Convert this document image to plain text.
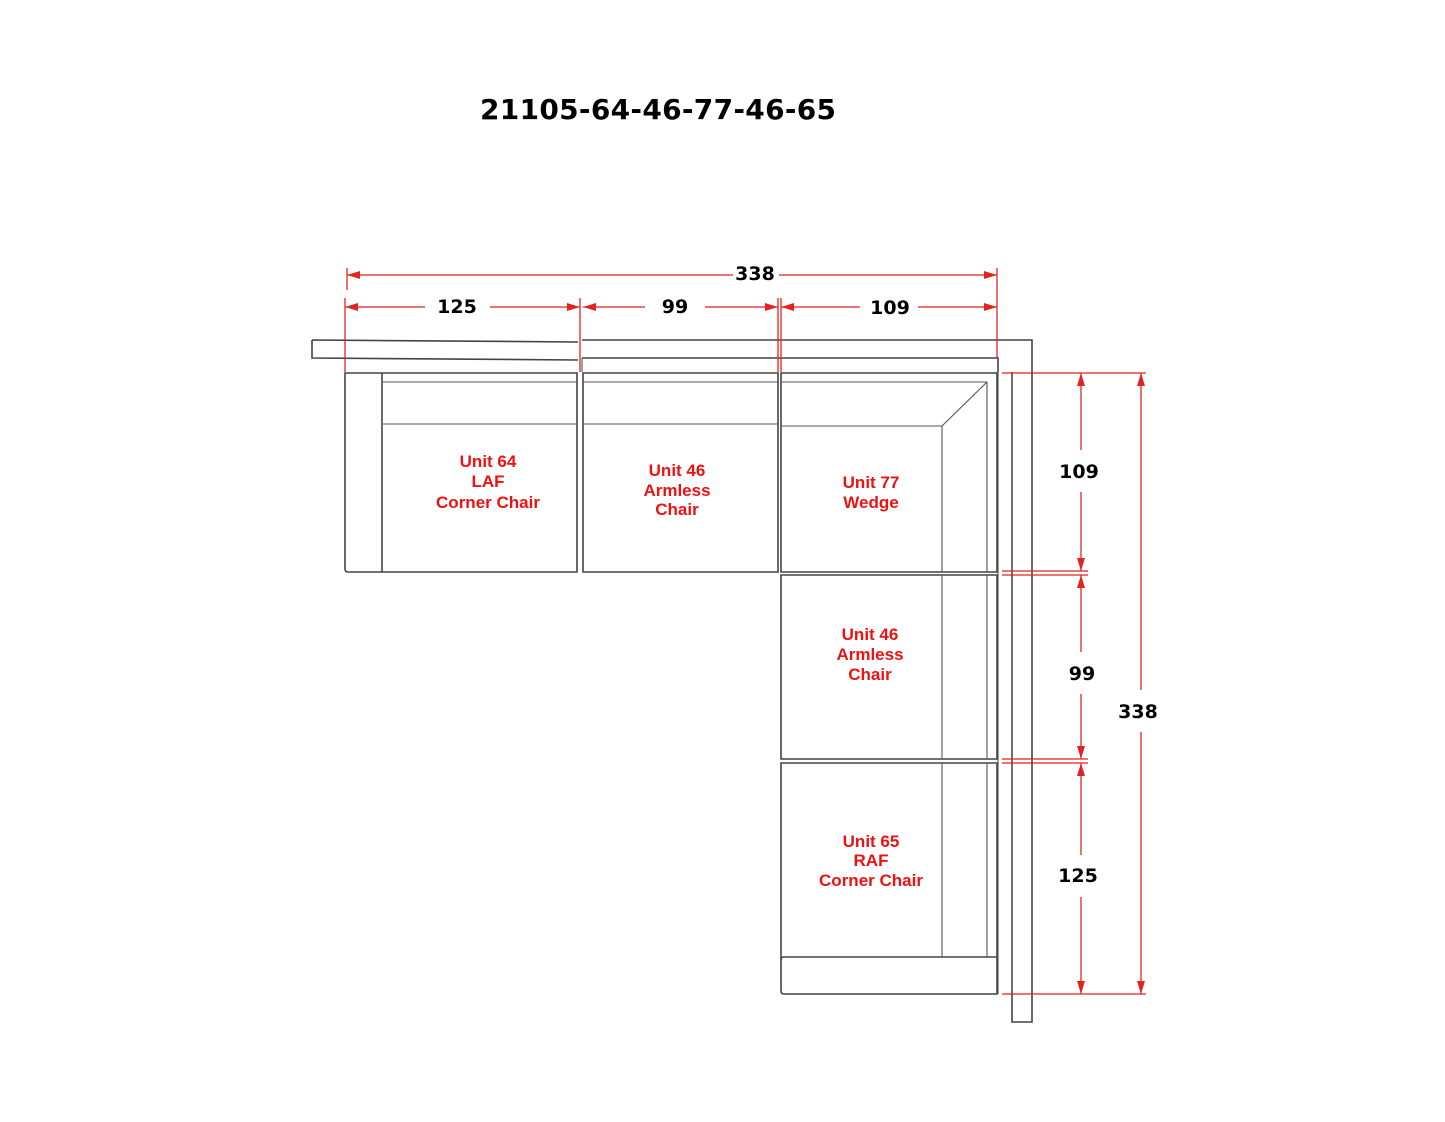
21105-64-46-77-46-65
338
125	99	109
109
99
125
338
Unit 64
LAF
Corner Chair
Unit 46
Armless
Chair
Unit 77
Wedge
Unit 46
Armless
Chair
Unit 65
RAF
Corner Chair
